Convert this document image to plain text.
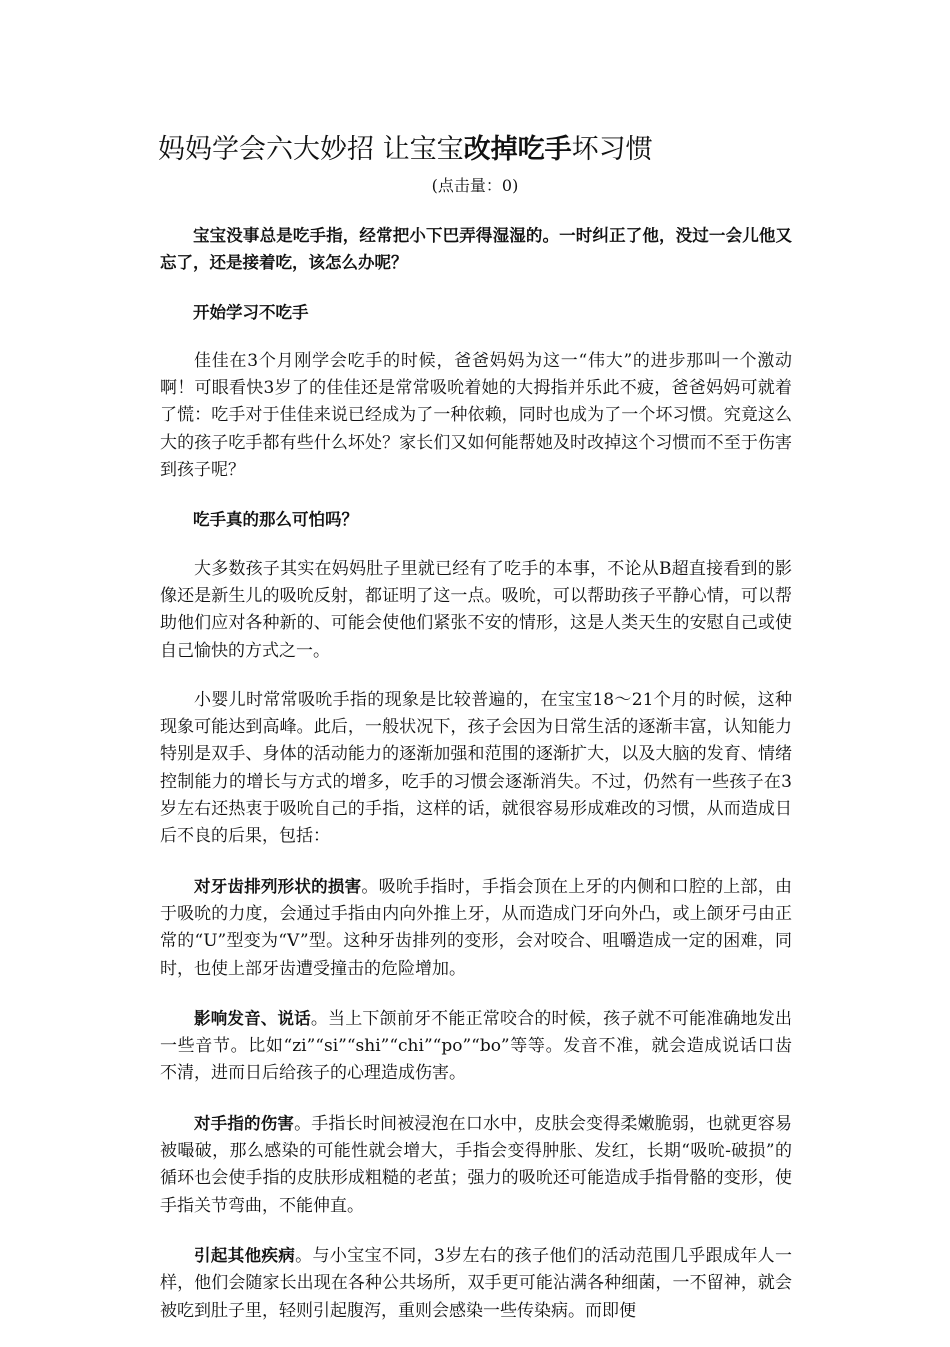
妈妈学会六大妙招 让宝宝改掉吃手坏习惯
(点击量：0)

宝宝没事总是吃手指，经常把小下巴弄得湿湿的。一时纠正了他，没过一会儿他又忘了，还是接着吃，该怎么办呢？

开始学习不吃手

佳佳在3个月刚学会吃手的时候，爸爸妈妈为这一“伟大”的进步那叫一个激动啊！可眼看快3岁了的佳佳还是常常吸吮着她的大拇指并乐此不疲，爸爸妈妈可就着了慌：吃手对于佳佳来说已经成为了一种依赖，同时也成为了一个坏习惯。究竟这么大的孩子吃手都有些什么坏处？家长们又如何能帮她及时改掉这个习惯而不至于伤害到孩子呢？

吃手真的那么可怕吗？

大多数孩子其实在妈妈肚子里就已经有了吃手的本事，不论从B超直接看到的影像还是新生儿的吸吮反射，都证明了这一点。吸吮，可以帮助孩子平静心情，可以帮助他们应对各种新的、可能会使他们紧张不安的情形，这是人类天生的安慰自己或使自己愉快的方式之一。

小婴儿时常常吸吮手指的现象是比较普遍的，在宝宝18～21个月的时候，这种现象可能达到高峰。此后，一般状况下，孩子会因为日常生活的逐渐丰富，认知能力特别是双手、身体的活动能力的逐渐加强和范围的逐渐扩大，以及大脑的发育、情绪控制能力的增长与方式的增多，吃手的习惯会逐渐消失。不过，仍然有一些孩子在3岁左右还热衷于吸吮自己的手指，这样的话，就很容易形成难改的习惯，从而造成日后不良的后果，包括：

对牙齿排列形状的损害。吸吮手指时，手指会顶在上牙的内侧和口腔的上部，由于吸吮的力度，会通过手指由内向外推上牙，从而造成门牙向外凸，或上颌牙弓由正常的“U”型变为“V”型。这种牙齿排列的变形，会对咬合、咀嚼造成一定的困难，同时，也使上部牙齿遭受撞击的危险增加。

影响发音、说话。当上下颌前牙不能正常咬合的时候，孩子就不可能准确地发出一些音节。比如“zi”“si”“shi”“chi”“po”“bo”等等。发音不准，就会造成说话口齿不清，进而日后给孩子的心理造成伤害。

对手指的伤害。手指长时间被浸泡在口水中，皮肤会变得柔嫩脆弱，也就更容易被嘬破，那么感染的可能性就会增大，手指会变得肿胀、发红，长期“吸吮-破损”的循环也会使手指的皮肤形成粗糙的老茧；强力的吸吮还可能造成手指骨骼的变形，使手指关节弯曲，不能伸直。

引起其他疾病。与小宝宝不同，3岁左右的孩子他们的活动范围几乎跟成年人一样，他们会随家长出现在各种公共场所，双手更可能沾满各种细菌，一不留神，就会被吃到肚子里，轻则引起腹泻，重则会感染一些传染病。而即便
